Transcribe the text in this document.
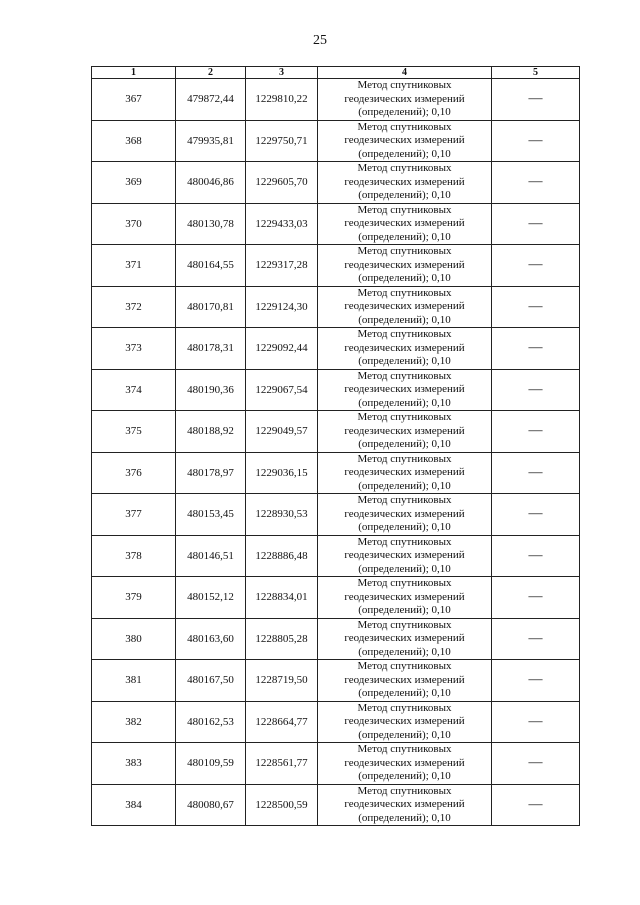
25
1	2	3	4	5
367	479872,44	1229810,22	Метод спутниковых
геодезических измерений
(определений); 0,10	—
368	479935,81	1229750,71	Метод спутниковых
геодезических измерений
(определений); 0,10	—
369	480046,86	1229605,70	Метод спутниковых
геодезических измерений
(определений); 0,10	—
370	480130,78	1229433,03	Метод спутниковых
геодезических измерений
(определений); 0,10	—
371	480164,55	1229317,28	Метод спутниковых
геодезических измерений
(определений); 0,10	—
372	480170,81	1229124,30	Метод спутниковых
геодезических измерений
(определений); 0,10	—
373	480178,31	1229092,44	Метод спутниковых
геодезических измерений
(определений); 0,10	—
374	480190,36	1229067,54	Метод спутниковых
геодезических измерений
(определений); 0,10	—
375	480188,92	1229049,57	Метод спутниковых
геодезических измерений
(определений); 0,10	—
376	480178,97	1229036,15	Метод спутниковых
геодезических измерений
(определений); 0,10	—
377	480153,45	1228930,53	Метод спутниковых
геодезических измерений
(определений); 0,10	—
378	480146,51	1228886,48	Метод спутниковых
геодезических измерений
(определений); 0,10	—
379	480152,12	1228834,01	Метод спутниковых
геодезических измерений
(определений); 0,10	—
380	480163,60	1228805,28	Метод спутниковых
геодезических измерений
(определений); 0,10	—
381	480167,50	1228719,50	Метод спутниковых
геодезических измерений
(определений); 0,10	—
382	480162,53	1228664,77	Метод спутниковых
геодезических измерений
(определений); 0,10	—
383	480109,59	1228561,77	Метод спутниковых
геодезических измерений
(определений); 0,10	—
384	480080,67	1228500,59	Метод спутниковых
геодезических измерений
(определений); 0,10	—
